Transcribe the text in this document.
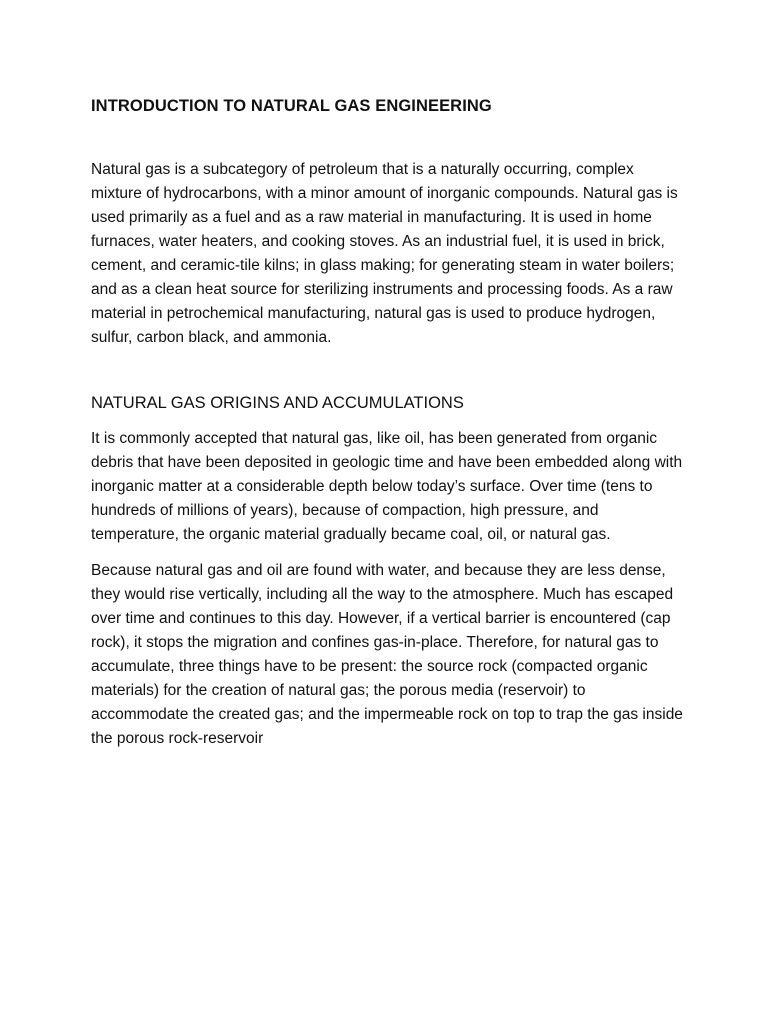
INTRODUCTION TO NATURAL GAS ENGINEERING

Natural gas is a subcategory of petroleum that is a naturally occurring, complex mixture of hydrocarbons, with a minor amount of inorganic compounds. Natural gas is used primarily as a fuel and as a raw material in manufacturing. It is used in home furnaces, water heaters, and cooking stoves. As an industrial fuel, it is used in brick, cement, and ceramic-tile kilns; in glass making; for generating steam in water boilers; and as a clean heat source for sterilizing instruments and processing foods. As a raw material in petrochemical manufacturing, natural gas is used to produce hydrogen, sulfur, carbon black, and ammonia.

NATURAL GAS ORIGINS AND ACCUMULATIONS

It is commonly accepted that natural gas, like oil, has been generated from organic debris that have been deposited in geologic time and have been embedded along with inorganic matter at a considerable depth below today’s surface. Over time (tens to hundreds of millions of years), because of compaction, high pressure, and temperature, the organic material gradually became coal, oil, or natural gas.

Because natural gas and oil are found with water, and because they are less dense, they would rise vertically, including all the way to the atmosphere. Much has escaped over time and continues to this day. However, if a vertical barrier is encountered (cap rock), it stops the migration and confines gas-in-place. Therefore, for natural gas to accumulate, three things have to be present: the source rock (compacted organic materials) for the creation of natural gas; the porous media (reservoir) to accommodate the created gas; and the impermeable rock on top to trap the gas inside the porous rock-reservoir
